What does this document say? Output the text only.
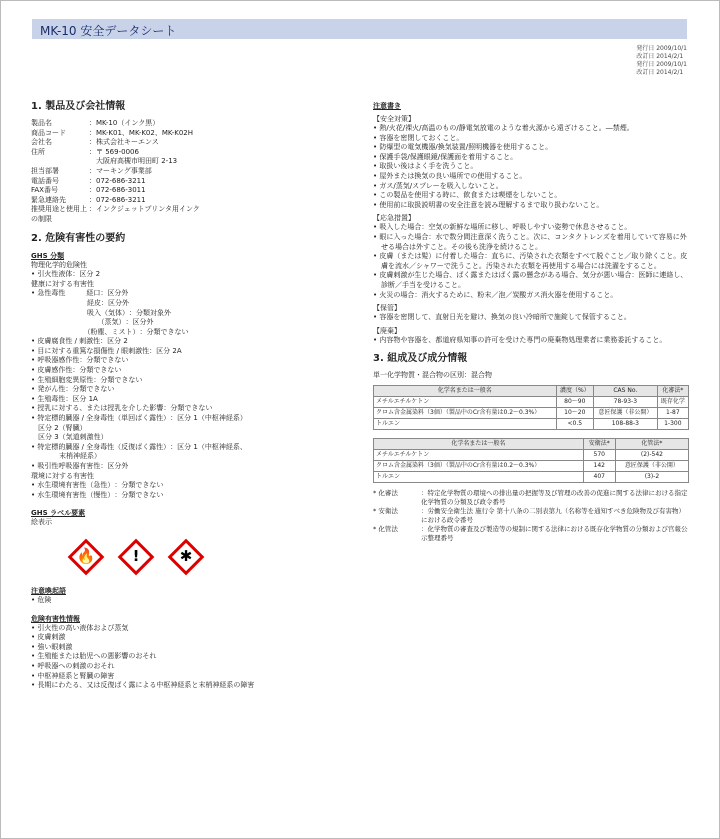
MK-10 安全データシート
発行日 2009/10/1
改訂日 2014/2/1
発行日 2009/10/1
改訂日 2014/2/1
1. 製品及び会社情報
製品名	：MK-10（インク黒）
商品コード	：MK-K01、MK-K02、MK-K02H
会社名	：株式会社キーエンス
住所	：〒 569-0006
　大阪府高槻市明田町 2-13
担当部署	：マーキング事業部
電話番号	：072-686-3211
FAX番号	：072-686-3011
緊急連絡先	：072-686-3211
推奨用途と使用上の制限
：インクジェットプリンタ用インク
2. 危険有害性の要約
GHS 分類
物理化学的危険性
• 引火性液体 ：区分 2
健康に対する有害性
• 急性毒性　　　経口 ：区分外
　　　　　　　　経皮 ：区分外
　　　　　　　　吸入（気体） ：分類対象外
　　　　　　　　　　（蒸気） ：区分外
　　　　　　　　（粉塵、ミスト） ：分類できない
• 皮膚腐食性 / 刺激性 ：区分 2
• 目に対する重篤な損傷性 / 眼刺激性 ：区分 2A
• 呼吸器感作性 ：分類できない
• 皮膚感作性 ：分類できない
• 生殖細胞変異原性 ：分類できない
• 発がん性 ：分類できない
• 生殖毒性 ：区分 1A
• 授乳に対する、または授乳を介した影響 ：分類できない
• 特定標的臓器 / 全身毒性（単回ばく露性） ：区分 1（中枢神経系）
　区分 2（腎臓）
　区分 3（気道刺激性）
• 特定標的臓器 / 全身毒性（反復ばく露性） ：区分 1（中枢神経系、
　　　　末梢神経系）
• 吸引性呼吸器有害性 ：区分外
環境に対する有害性
• 水生環境有害性（急性） ：分類できない
• 水生環境有害性（慢性） ：分類できない
GHS ラベル要素
絵表示
🔥	!	✱
注意喚起語
• 危険
危険有害性情報
• 引火性の高い液体および蒸気
• 皮膚刺激
• 強い眼刺激
• 生殖能または胎児への悪影響のおそれ
• 呼吸器への刺激のおそれ
• 中枢神経系と腎臓の障害
• 長期にわたる、又は反復ばく露による中枢神経系と末梢神経系の障害
注意書き
【安全対策】
• 熱/火花/裸火/高温のもの/静電気放電のような着火源から遠ざけること。―禁煙。
• 容器を密閉しておくこと。
• 防爆型の電気機器/換気装置/照明機器を使用すること。
• 保護手袋/保護眼鏡/保護面を着用すること。
• 取扱い後はよく手を洗うこと。
• 屋外または換気の良い場所での使用すること。
• ガス/蒸気/スプレーを吸入しないこと。
• この製品を使用する時に、飲食または喫煙をしないこと。
• 使用前に取扱説明書の安全注意を読み理解するまで取り扱わないこと。
【応急措置】
• 吸入した場合：空気の新鮮な場所に移し、呼吸しやすい姿勢で休息させること。
• 眼に入った場合：水で数分間注意深く洗うこと。次に、コンタクトレンズを着用していて容易に外せる場合は外すこと。その後も洗浄を続けること。
• 皮膚（または髪）に付着した場合：直ちに、汚染された衣類をすべて脱ぐこと／取り除くこと。皮膚を流水／シャワーで洗うこと。汚染された衣類を再使用する場合には洗濯をすること。
• 皮膚刺激が生じた場合、ばく露またはばく露の懸念がある場合、気分が悪い場合：医師に連絡し、診断／手当を受けること。
• 火災の場合：消火するために、粉末／泡／炭酸ガス消火器を使用すること。
【保管】
• 容器を密閉して、直射日光を避け、換気の良い冷暗所で施錠して保管すること。
【廃棄】
• 内容物や容器を、都道府県知事の許可を受けた専門の廃棄物処理業者に業務委託すること。
3. 組成及び成分情報
単一化学物質・混合物の区別：混合物
化学名または一般名	濃度（%）	CAS No.	化審法*
メチルエチルケトン	80〜90	78-93-3	既存化学
クロム含金属染料（3価）（製品中のCr含有量は0.2〜0.3%）	10〜20	意匠保護（非公開）	1-87
トルエン	<0.5	108-88-3	1-300
化学名または一般名	安衛法*	化管法*
メチルエチルケトン	570	(2)-542
クロム含金属染料（3価）（製品中のCr含有量は0.2〜0.3%）	142	意匠保護（非公開）
トルエン	407	(3)-2
* 化審法	：特定化学物質の環境への排出量の把握等及び管理の改善の促進に関する法律における指定化学物質の分類及び政令番号
* 安衛法	：労働安全衛生法 施行令 第十八条の二別表第九（名称等を通知すべき危険物及び有害物）における政令番号
* 化管法	：化学物質の審査及び製造等の規制に関する法律における既存化学物質の分類および官報公示整理番号
